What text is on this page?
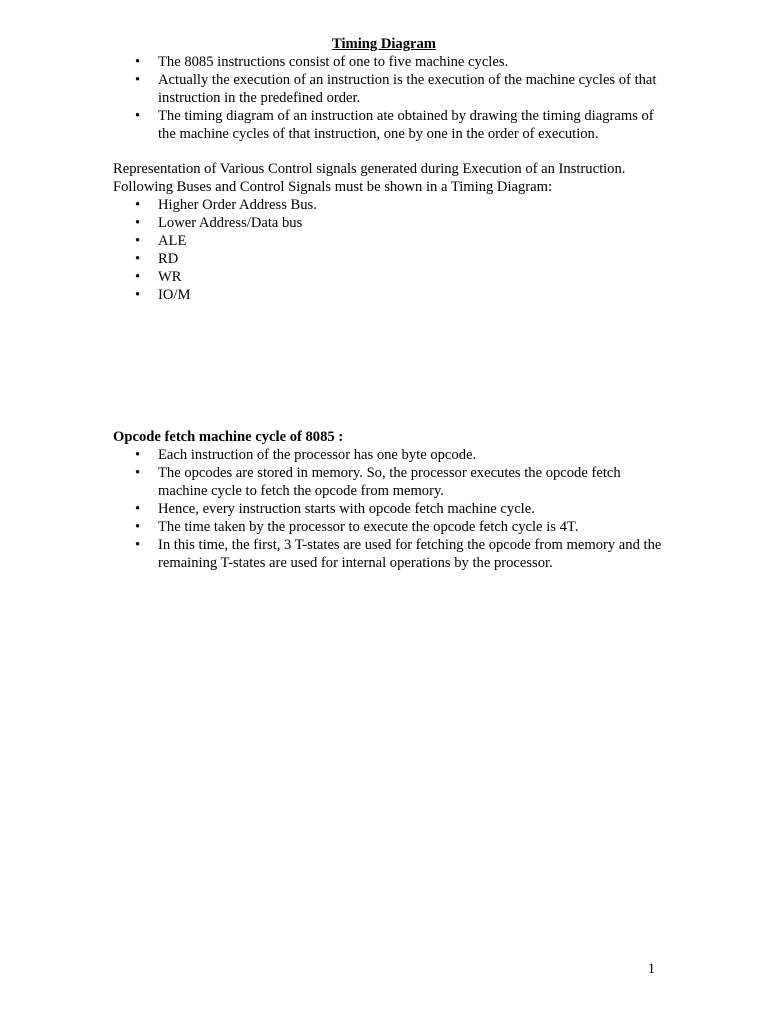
Timing Diagram
• The 8085 instructions consist of one to five machine cycles.
• Actually the execution of an instruction is the execution of the machine cycles of that instruction in the predefined order.
• The timing diagram of an instruction ate obtained by drawing the timing diagrams of the machine cycles of that instruction, one by one in the order of execution.

Representation of Various Control signals generated during Execution of an Instruction.

Following Buses and Control Signals must be shown in a Timing Diagram:

• Higher Order Address Bus.
• Lower Address/Data bus
• ALE
• RD
• WR
• IO/M
Opcode fetch machine cycle of 8085 :
• Each instruction of the processor has one byte opcode.
• The opcodes are stored in memory. So, the processor executes the opcode fetch machine cycle to fetch the opcode from memory.
• Hence, every instruction starts with opcode fetch machine cycle.
• The time taken by the processor to execute the opcode fetch cycle is 4T.
• In this time, the first, 3 T-states are used for fetching the opcode from memory and the remaining T-states are used for internal operations by the processor.
1
